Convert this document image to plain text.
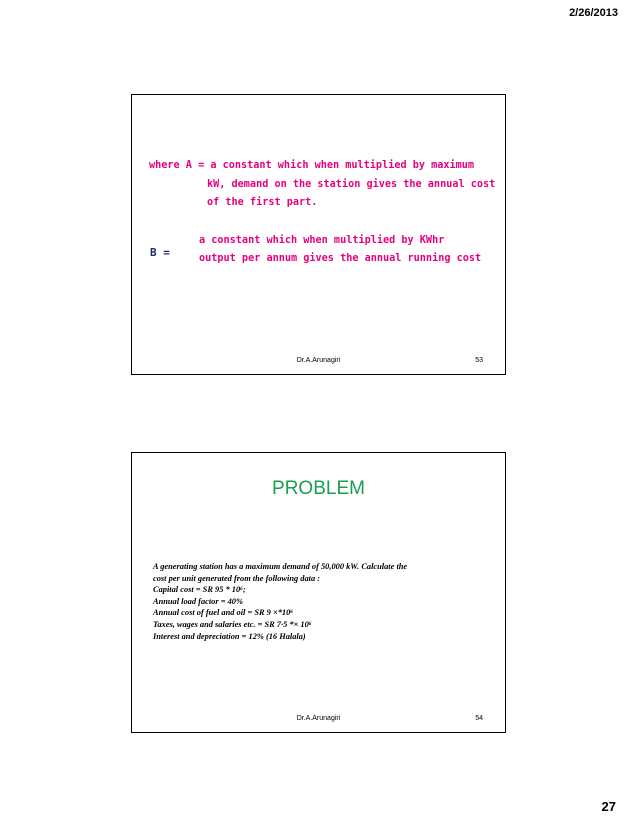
2/26/2013
where A = a constant which when multiplied by maximum
kW, demand on the station gives the annual cost
of the first part.
B =
a constant which when multiplied by KWhr
output per annum gives the annual running cost
Dr.A.Arunagiri	53
PROBLEM
A generating station has a maximum demand of 50,000 kW. Calculate the
cost per unit generated from the following data :
Capital cost = SR 95 * 10⁶;
Annual load factor = 40%
Annual cost of fuel and oil = SR 9 ×*10⁶
Taxes, wages and salaries etc. = SR 7·5 *× 10⁶
Interest and depreciation = 12% (16 Halala)
Dr.A.Arunagiri	54
27
